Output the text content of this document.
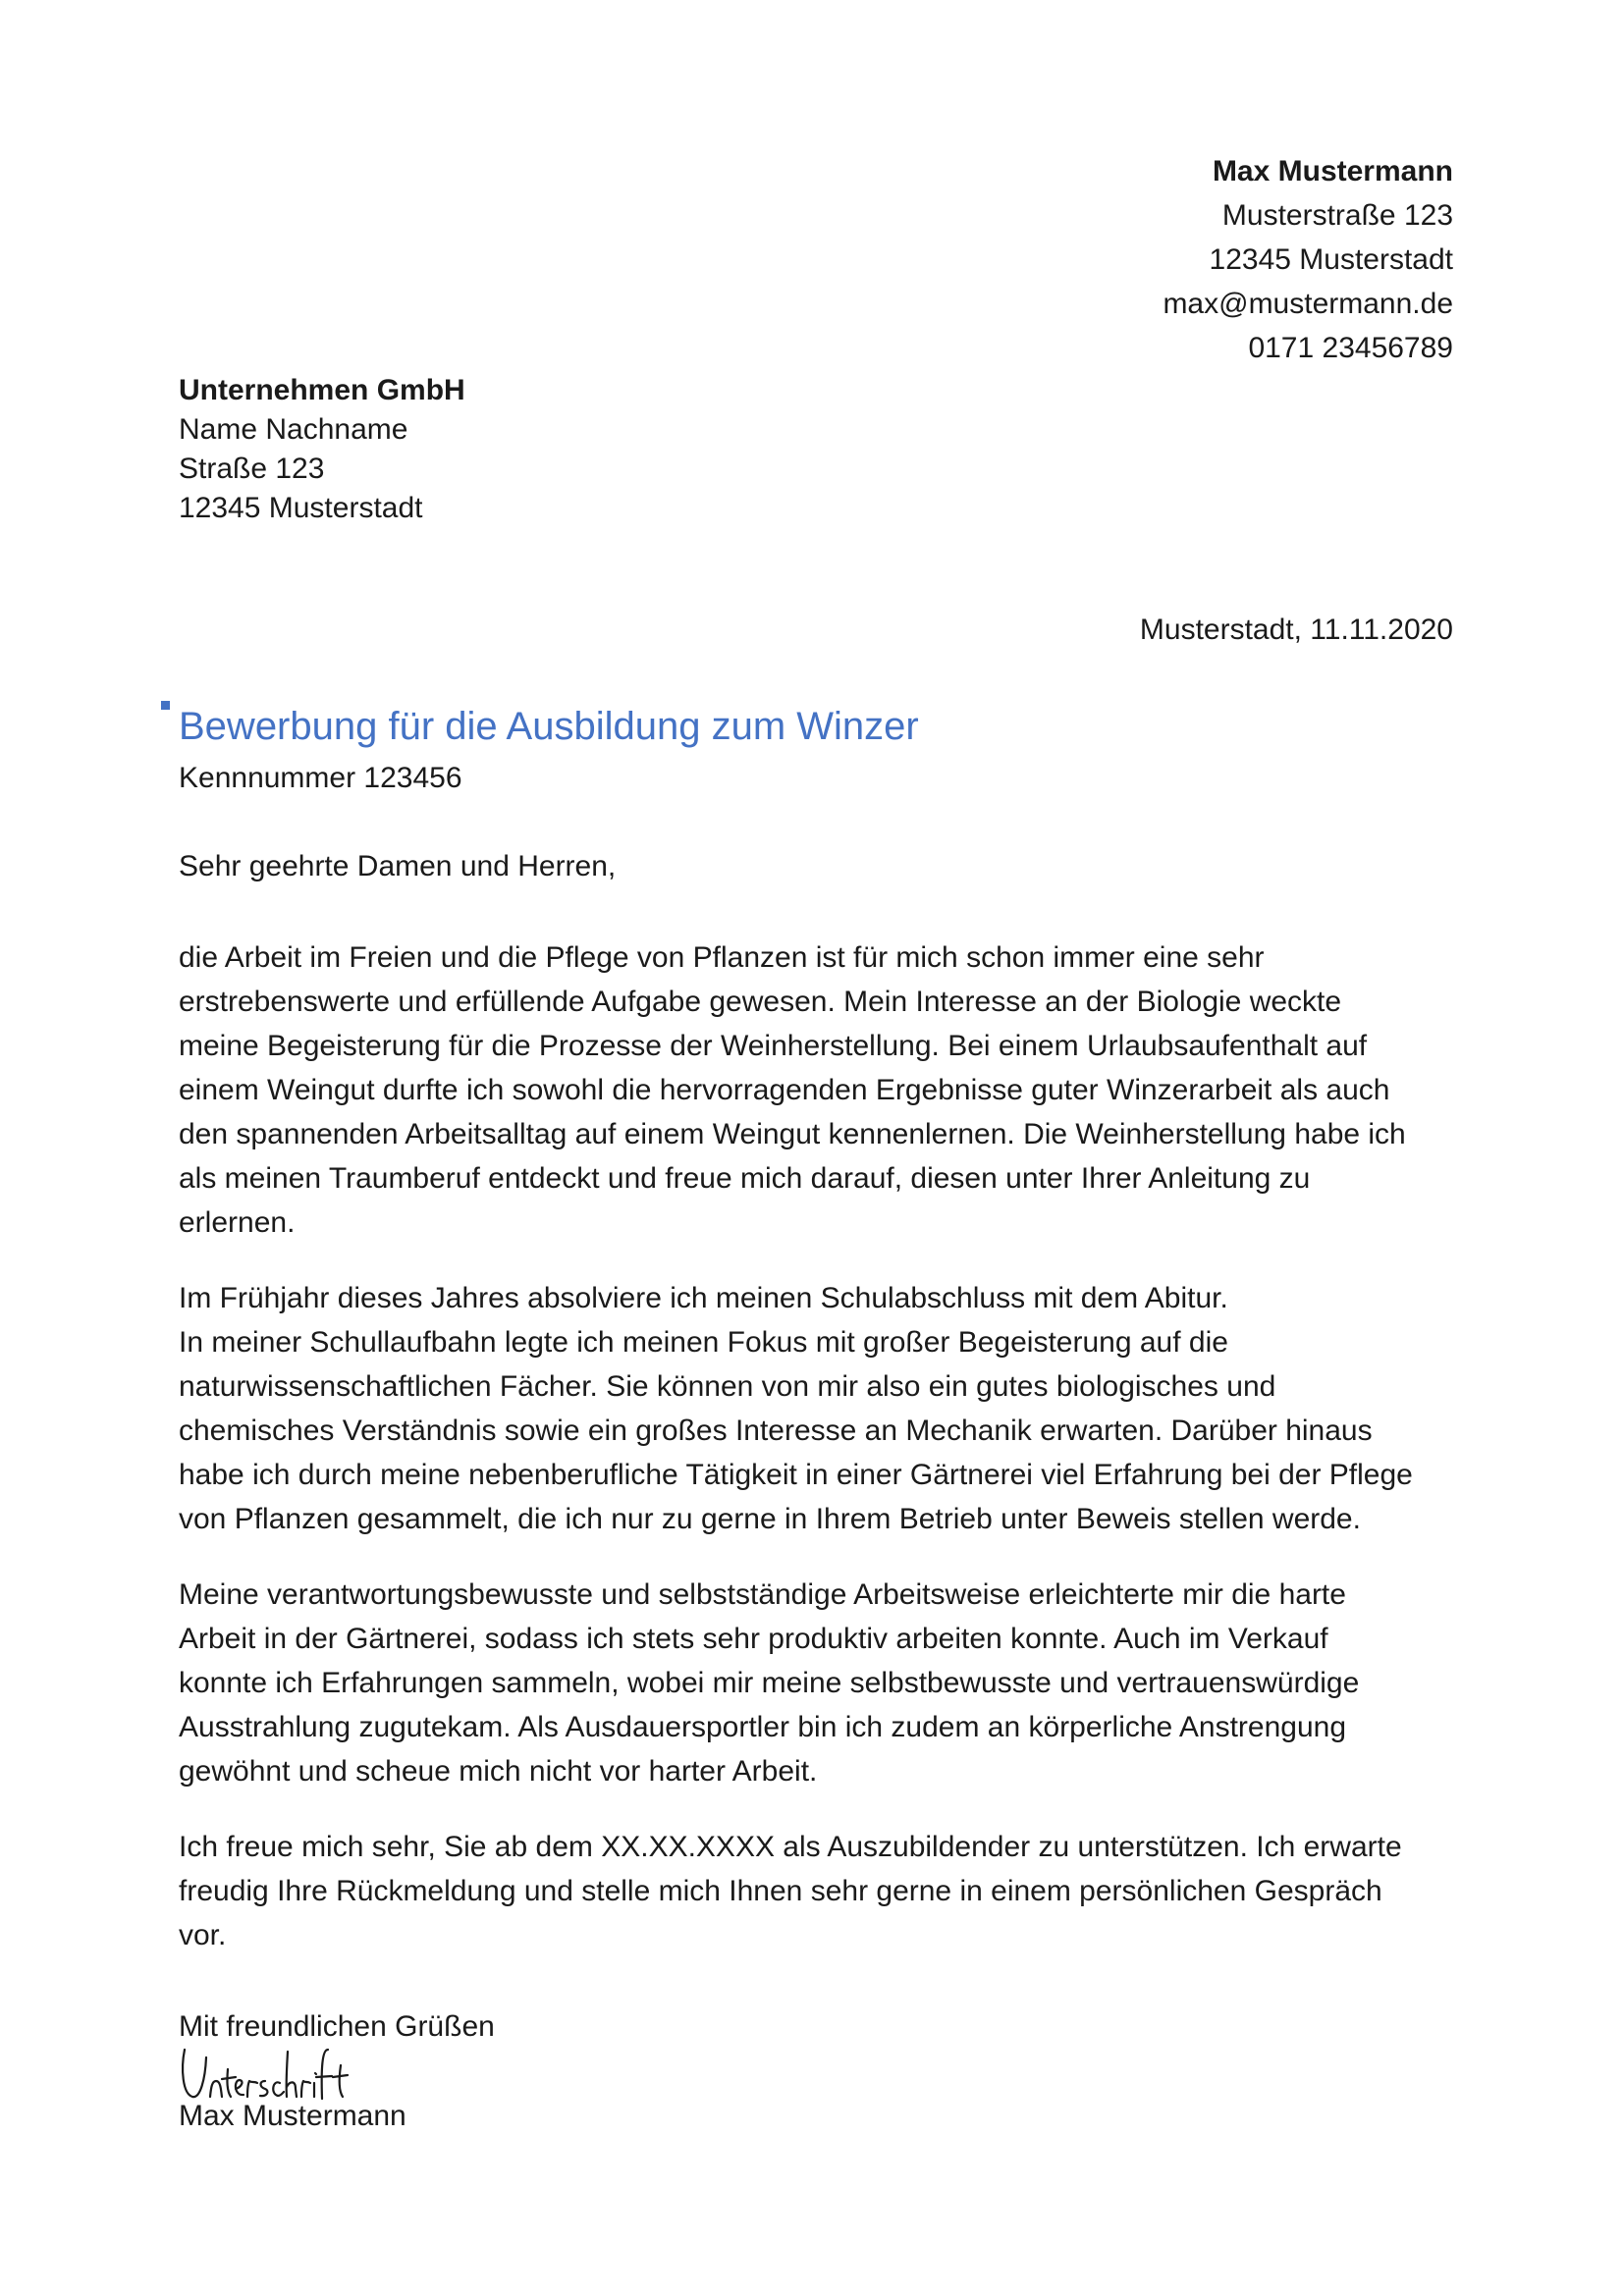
Max Mustermann
Musterstraße 123
12345 Musterstadt
max@mustermann.de
0171 23456789
Unternehmen GmbH
Name Nachname
Straße 123
12345 Musterstadt
Musterstadt, 11.11.2020
Bewerbung für die Ausbildung zum Winzer
Kennnummer 123456
Sehr geehrte Damen und Herren,

die Arbeit im Freien und die Pflege von Pflanzen ist für mich schon immer eine sehr
erstrebenswerte und erfüllende Aufgabe gewesen. Mein Interesse an der Biologie weckte
meine Begeisterung für die Prozesse der Weinherstellung. Bei einem Urlaubsaufenthalt auf
einem Weingut durfte ich sowohl die hervorragenden Ergebnisse guter Winzerarbeit als auch
den spannenden Arbeitsalltag auf einem Weingut kennenlernen. Die Weinherstellung habe ich
als meinen Traumberuf entdeckt und freue mich darauf, diesen unter Ihrer Anleitung zu
erlernen.

Im Frühjahr dieses Jahres absolviere ich meinen Schulabschluss mit dem Abitur.
In meiner Schullaufbahn legte ich meinen Fokus mit großer Begeisterung auf die
naturwissenschaftlichen Fächer. Sie können von mir also ein gutes biologisches und
chemisches Verständnis sowie ein großes Interesse an Mechanik erwarten. Darüber hinaus
habe ich durch meine nebenberufliche Tätigkeit in einer Gärtnerei viel Erfahrung bei der Pflege
von Pflanzen gesammelt, die ich nur zu gerne in Ihrem Betrieb unter Beweis stellen werde.

Meine verantwortungsbewusste und selbstständige Arbeitsweise erleichterte mir die harte
Arbeit in der Gärtnerei, sodass ich stets sehr produktiv arbeiten konnte. Auch im Verkauf
konnte ich Erfahrungen sammeln, wobei mir meine selbstbewusste und vertrauenswürdige
Ausstrahlung zugutekam. Als Ausdauersportler bin ich zudem an körperliche Anstrengung
gewöhnt und scheue mich nicht vor harter Arbeit.

Ich freue mich sehr, Sie ab dem XX.XX.XXXX als Auszubildender zu unterstützen. Ich erwarte
freudig Ihre Rückmeldung und stelle mich Ihnen sehr gerne in einem persönlichen Gespräch
vor.

Mit freundlichen Grüßen
Max Mustermann
